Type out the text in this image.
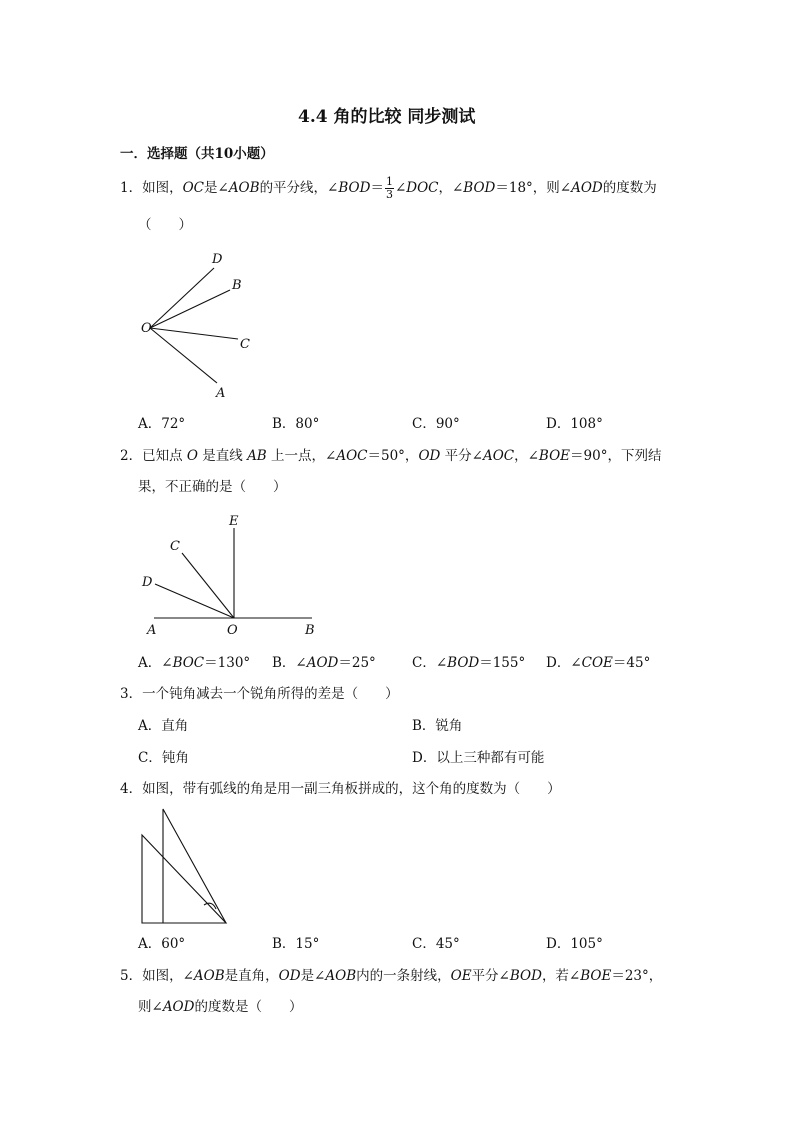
4.4 角的比较 同步测试
一．选择题（共10小题）
1．如图，OC是∠AOB的平分线，∠BOD＝ $\frac{1}{3}$ ∠DOC，∠BOD＝18°，则∠AOD的度数为
（　　）
D
B
O
C
A
A．72°	B．80°	C．90°	D．108°
2．已知点 O 是直线 AB 上一点，∠AOC＝50°，OD 平分∠AOC，∠BOE＝90°，下列结
果，不正确的是（　　）
E
C
D
A	O	B
A．∠BOC＝130° B．∠AOD＝25°	C．∠BOD＝155° D．∠COE＝45°
3．一个钝角减去一个锐角所得的差是（　　）
A．直角	B．锐角
C．钝角	D．以上三种都有可能
4．如图，带有弧线的角是用一副三角板拼成的，这个角的度数为（　　）
A．60°	B．15°	C．45°	D．105°
5．如图，∠AOB是直角，OD是∠AOB内的一条射线，OE平分∠BOD，若∠BOE＝23°，
则∠AOD的度数是（　　）
